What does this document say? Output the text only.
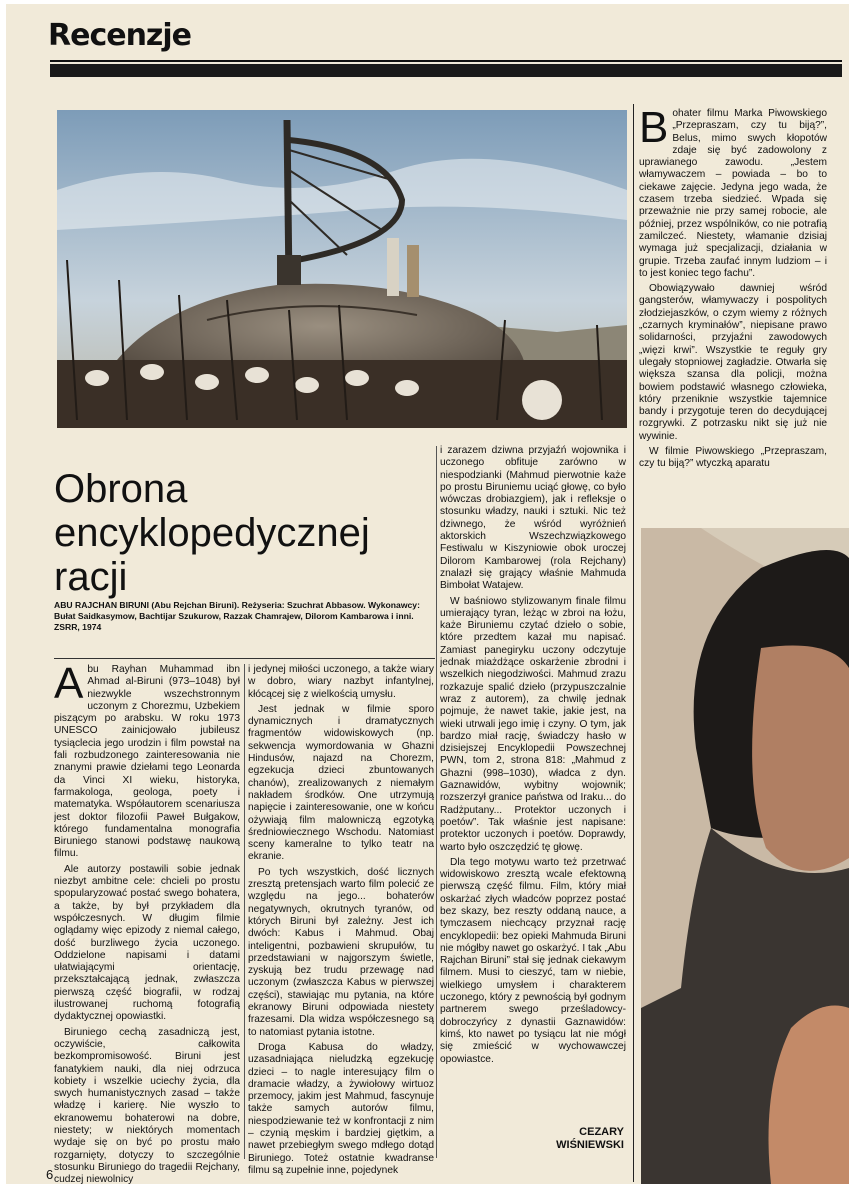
Recenzje
Obrona
encyklopedycznej
racji
ABU RAJCHAN BIRUNI (Abu Rejchan Biruni). Reżyseria: Szuchrat Abbasow. Wykonawcy: Bułat Saidkasymow, Bachtijar Szukurow, Razzak Chamrajew, Dilorom Kambarowa i inni. ZSRR, 1974

Abu Rayhan Muhammad ibn Ahmad al-Biruni (973–1048) był niezwykle wszechstronnym uczonym z Chorezmu, Uzbekiem piszącym po arabsku. W roku 1973 UNESCO zainicjowało jubileusz tysiąclecia jego urodzin i film powstał na fali rozbudzonego zainteresowania nie znanymi prawie dziełami tego Leonarda da Vinci XI wieku, historyka, farmakologa, geologa, poety i matematyka. Współautorem scenariusza jest doktor filozofii Paweł Bułgakow, którego fundamentalna monografia Biruniego stanowi podstawę naukową filmu.

Ale autorzy postawili sobie jednak niezbyt ambitne cele: chcieli po prostu spopularyzować postać swego bohatera, a także, by był przykładem dla współczesnych. W długim filmie oglądamy więc epizody z niemal całego, dość burzliwego życia uczonego. Oddzielone napisami i datami ułatwiającymi orientację, przekształcającą jednak, zwłaszcza pierwszą część biografii, w rodzaj ilustrowanej ruchomą fotografią dydaktycznej opowiastki.

Biruniego cechą zasadniczą jest, oczywiście, całkowita bezkompromisowość. Biruni jest fanatykiem nauki, dla niej odrzuca kobiety i wszelkie uciechy życia, dla swych humanistycznych zasad – także władzę i karierę. Nie wyszło to ekranowemu bohaterowi na dobre, niestety; w niektórych momentach wydaje się on być po prostu mało rozgarnięty, dotyczy to szczególnie stosunku Biruniego do tragedii Rejchany, cudzej niewolnicy

i jedynej miłości uczonego, a także wiary w dobro, wiary nazbyt infantylnej, kłócącej się z wielkością umysłu.

Jest jednak w filmie sporo dynamicznych i dramatycznych fragmentów widowiskowych (np. sekwencja wymordowania w Ghazni Hindusów, najazd na Chorezm, egzekucja dzieci zbuntowanych chanów), zrealizowanych z niemałym nakładem środków. One utrzymują napięcie i zainteresowanie, one w końcu ożywiają film malowniczą egzotyką średniowiecznego Wschodu. Natomiast sceny kameralne to tylko teatr na ekranie.

Po tych wszystkich, dość licznych zresztą pretensjach warto film polecić ze względu na jego... bohaterów negatywnych, okrutnych tyranów, od których Biruni był zależny. Jest ich dwóch: Kabus i Mahmud. Obaj inteligentni, pozbawieni skrupułów, tu przedstawiani w najgorszym świetle, zyskują bez trudu przewagę nad uczonym (zwłaszcza Kabus w pierwszej części), stawiając mu pytania, na które ekranowy Biruni odpowiada niestety frazesami. Dla widza współczesnego są to natomiast pytania istotne.

Droga Kabusa do władzy, uzasadniająca nieludzką egzekucję dzieci – to nagle interesujący film o dramacie władzy, a żywiołowy wirtuoz przemocy, jakim jest Mahmud, fascynuje także samych autorów filmu, niespodziewanie też w konfrontacji z nim – czynią męskim i bardziej giętkim, a nawet przebiegłym swego mdłego dotąd Biruniego. Toteż ostatnie kwadranse filmu są zupełnie inne, pojedynek

i zarazem dziwna przyjaźń wojownika i uczonego obfituje zarówno w niespodzianki (Mahmud pierwotnie każe po prostu Biruniemu uciąć głowę, co było wówczas drobiazgiem), jak i refleksje o stosunku władzy, nauki i sztuki. Nic też dziwnego, że wśród wyróżnień aktorskich Wszechzwiązkowego Festiwalu w Kiszyniowie obok uroczej Dilorom Kambarowej (rola Rejchany) znalazł się grający właśnie Mahmuda Bimbołat Watajew.

W baśniowo stylizowanym finale filmu umierający tyran, leżąc w zbroi na łożu, każe Biruniemu czytać dzieło o sobie, które przedtem kazał mu napisać. Zamiast panegiryku uczony odczytuje jednak miażdżące oskarżenie zbrodni i wszelkich niegodziwości. Mahmud zrazu rozkazuje spalić dzieło (przypuszczalnie wraz z autorem), za chwilę jednak pojmuje, że nawet takie, jakie jest, na wieki utrwali jego imię i czyny. O tym, jak bardzo miał rację, świadczy hasło w dzisiejszej Encyklopedii Powszechnej PWN, tom 2, strona 818: „Mahmud z Ghazni (998–1030), władca z dyn. Gaznawidów, wybitny wojownik; rozszerzył granice państwa od Iraku... do Radżputany... Protektor uczonych i poetów”. Tak właśnie jest napisane: protektor uczonych i poetów. Doprawdy, warto było oszczędzić tę głowę.

Dla tego motywu warto też przetrwać widowiskowo zresztą wcale efektowną pierwszą część filmu. Film, który miał oskarżać złych władców poprzez postać bez skazy, bez reszty oddaną nauce, a tymczasem niechcący przyznał rację encyklopedii: bez opieki Mahmuda Biruni nie mógłby nawet go oskarżyć. I tak „Abu Rajchan Biruni” stał się jednak ciekawym filmem. Musi to cieszyć, tam w niebie, wielkiego umysłem i charakterem uczonego, który z pewnością był godnym partnerem swego prześladowcy-dobroczyńcy z dynastii Gaznawidów: kimś, kto nawet po tysiącu lat nie mógł się zmieścić w wychowawczej opowiastce.

CEZARY
WIŚNIEWSKI

Bohater filmu Marka Piwowskiego „Przepraszam, czy tu biją?”, Belus, mimo swych kłopotów zdaje się być zadowolony z uprawianego zawodu. „Jestem włamywaczem – powiada – bo to ciekawe zajęcie. Jedyna jego wada, że czasem trzeba siedzieć. Wpada się przeważnie nie przy samej robocie, ale później, przez wspólników, co nie potrafią zamilczeć. Niestety, włamanie dzisiaj wymaga już specjalizacji, działania w grupie. Trzeba zaufać innym ludziom – i to jest koniec tego fachu”.

Obowiązywało dawniej wśród gangsterów, włamywaczy i pospolitych złodziejaszków, o czym wiemy z różnych „czarnych kryminałów”, niepisane prawo solidarności, przyjaźni zawodowych „więzi krwi”. Wszystkie te reguły gry ulegały stopniowej zagładzie. Otwarła się większa szansa dla policji, można bowiem podstawić własnego człowieka, który przeniknie wszystkie tajemnice bandy i przygotuje teren do decydującej rozgrywki. Z potrzasku nikt się już nie wywinie.

W filmie Piwowskiego „Przepraszam, czy tu biją?” wtyczką aparatu

6
